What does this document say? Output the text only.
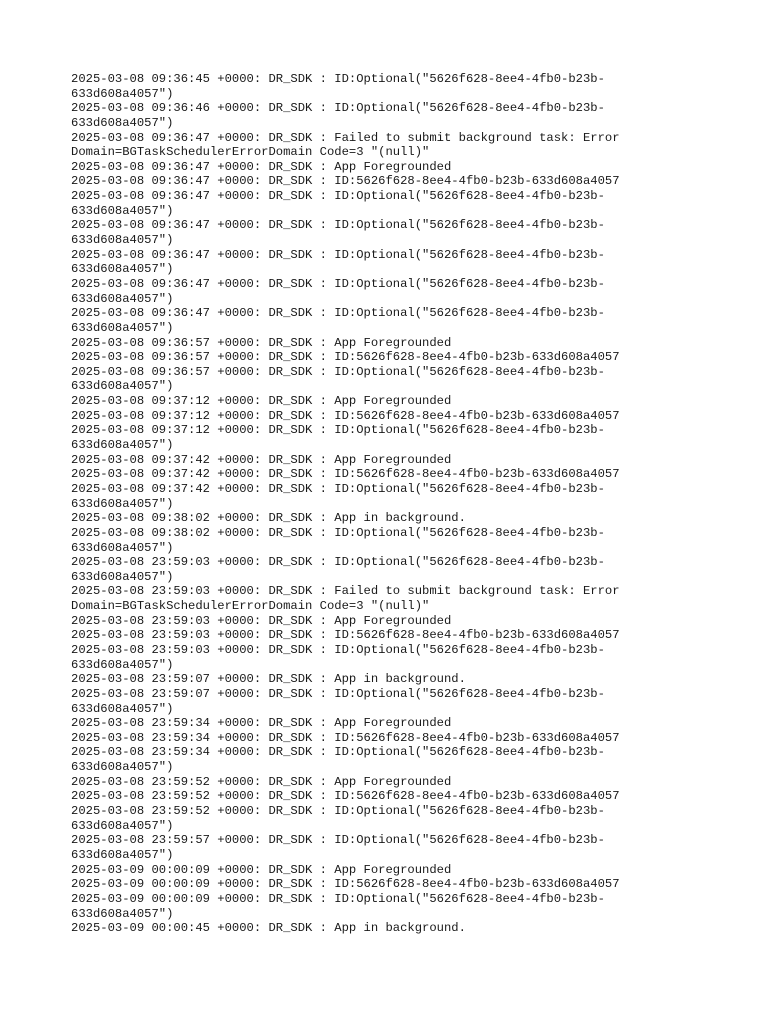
2025-03-08 09:36:45 +0000: DR_SDK : ID:Optional("5626f628-8ee4-4fb0-b23b-
633d608a4057")
2025-03-08 09:36:46 +0000: DR_SDK : ID:Optional("5626f628-8ee4-4fb0-b23b-
633d608a4057")
2025-03-08 09:36:47 +0000: DR_SDK : Failed to submit background task: Error
Domain=BGTaskSchedulerErrorDomain Code=3 "(null)"
2025-03-08 09:36:47 +0000: DR_SDK : App Foregrounded
2025-03-08 09:36:47 +0000: DR_SDK : ID:5626f628-8ee4-4fb0-b23b-633d608a4057
2025-03-08 09:36:47 +0000: DR_SDK : ID:Optional("5626f628-8ee4-4fb0-b23b-
633d608a4057")
2025-03-08 09:36:47 +0000: DR_SDK : ID:Optional("5626f628-8ee4-4fb0-b23b-
633d608a4057")
2025-03-08 09:36:47 +0000: DR_SDK : ID:Optional("5626f628-8ee4-4fb0-b23b-
633d608a4057")
2025-03-08 09:36:47 +0000: DR_SDK : ID:Optional("5626f628-8ee4-4fb0-b23b-
633d608a4057")
2025-03-08 09:36:47 +0000: DR_SDK : ID:Optional("5626f628-8ee4-4fb0-b23b-
633d608a4057")
2025-03-08 09:36:57 +0000: DR_SDK : App Foregrounded
2025-03-08 09:36:57 +0000: DR_SDK : ID:5626f628-8ee4-4fb0-b23b-633d608a4057
2025-03-08 09:36:57 +0000: DR_SDK : ID:Optional("5626f628-8ee4-4fb0-b23b-
633d608a4057")
2025-03-08 09:37:12 +0000: DR_SDK : App Foregrounded
2025-03-08 09:37:12 +0000: DR_SDK : ID:5626f628-8ee4-4fb0-b23b-633d608a4057
2025-03-08 09:37:12 +0000: DR_SDK : ID:Optional("5626f628-8ee4-4fb0-b23b-
633d608a4057")
2025-03-08 09:37:42 +0000: DR_SDK : App Foregrounded
2025-03-08 09:37:42 +0000: DR_SDK : ID:5626f628-8ee4-4fb0-b23b-633d608a4057
2025-03-08 09:37:42 +0000: DR_SDK : ID:Optional("5626f628-8ee4-4fb0-b23b-
633d608a4057")
2025-03-08 09:38:02 +0000: DR_SDK : App in background.
2025-03-08 09:38:02 +0000: DR_SDK : ID:Optional("5626f628-8ee4-4fb0-b23b-
633d608a4057")
2025-03-08 23:59:03 +0000: DR_SDK : ID:Optional("5626f628-8ee4-4fb0-b23b-
633d608a4057")
2025-03-08 23:59:03 +0000: DR_SDK : Failed to submit background task: Error
Domain=BGTaskSchedulerErrorDomain Code=3 "(null)"
2025-03-08 23:59:03 +0000: DR_SDK : App Foregrounded
2025-03-08 23:59:03 +0000: DR_SDK : ID:5626f628-8ee4-4fb0-b23b-633d608a4057
2025-03-08 23:59:03 +0000: DR_SDK : ID:Optional("5626f628-8ee4-4fb0-b23b-
633d608a4057")
2025-03-08 23:59:07 +0000: DR_SDK : App in background.
2025-03-08 23:59:07 +0000: DR_SDK : ID:Optional("5626f628-8ee4-4fb0-b23b-
633d608a4057")
2025-03-08 23:59:34 +0000: DR_SDK : App Foregrounded
2025-03-08 23:59:34 +0000: DR_SDK : ID:5626f628-8ee4-4fb0-b23b-633d608a4057
2025-03-08 23:59:34 +0000: DR_SDK : ID:Optional("5626f628-8ee4-4fb0-b23b-
633d608a4057")
2025-03-08 23:59:52 +0000: DR_SDK : App Foregrounded
2025-03-08 23:59:52 +0000: DR_SDK : ID:5626f628-8ee4-4fb0-b23b-633d608a4057
2025-03-08 23:59:52 +0000: DR_SDK : ID:Optional("5626f628-8ee4-4fb0-b23b-
633d608a4057")
2025-03-08 23:59:57 +0000: DR_SDK : ID:Optional("5626f628-8ee4-4fb0-b23b-
633d608a4057")
2025-03-09 00:00:09 +0000: DR_SDK : App Foregrounded
2025-03-09 00:00:09 +0000: DR_SDK : ID:5626f628-8ee4-4fb0-b23b-633d608a4057
2025-03-09 00:00:09 +0000: DR_SDK : ID:Optional("5626f628-8ee4-4fb0-b23b-
633d608a4057")
2025-03-09 00:00:45 +0000: DR_SDK : App in background.
